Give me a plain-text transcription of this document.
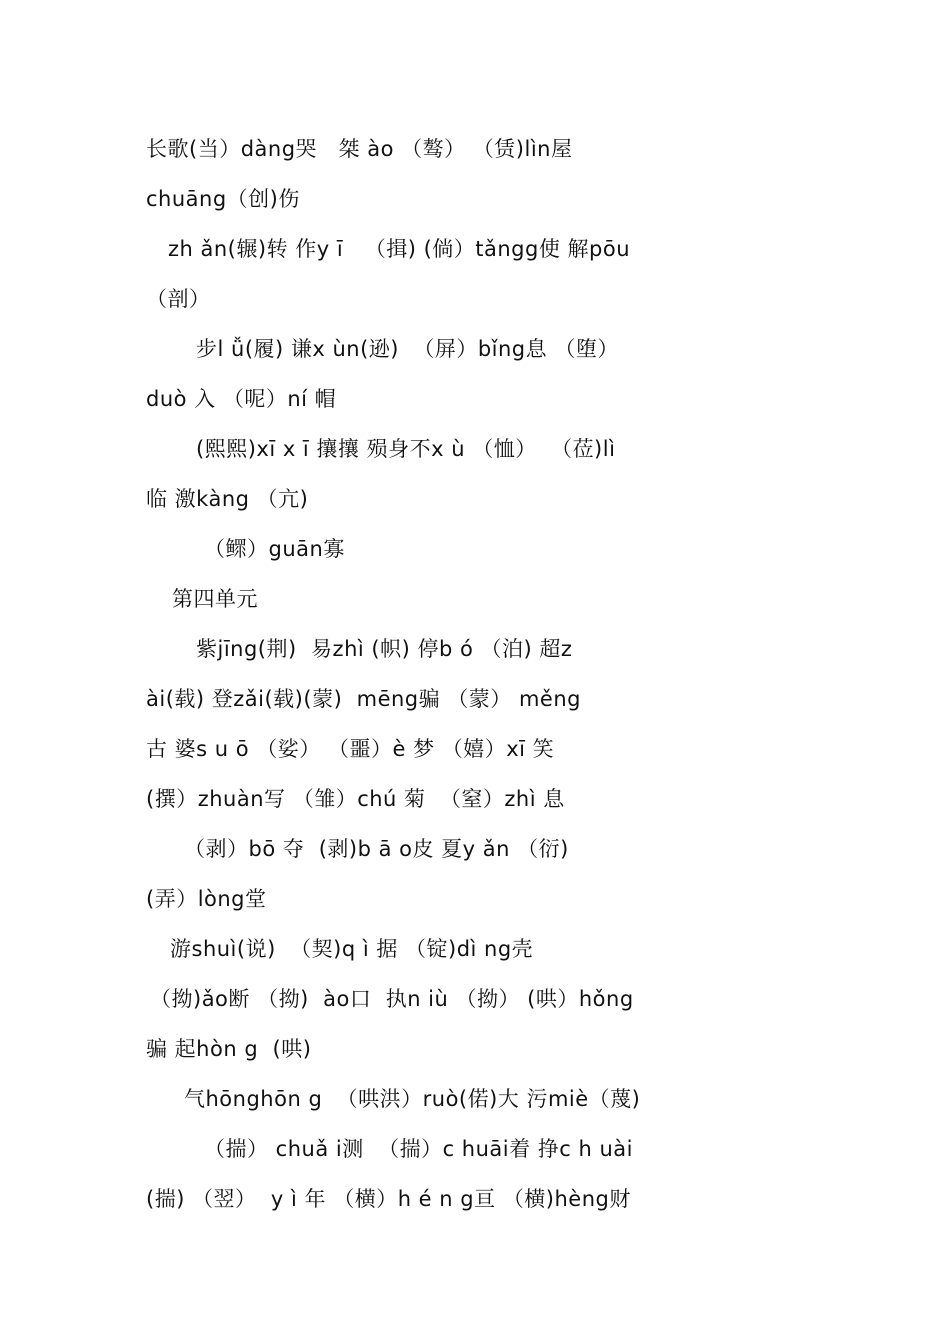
长歌(当）dàng哭   桀 ào （骜） （赁)lìn屋
chuāng（创)伤
zh ǎn(辗)转 作y ī   （揖) (倘）tǎngg使 解pōu
（剖）
步l ǚ(履) 谦x ùn(逊)  （屏）bǐng息 （堕）
duò 入 （呢）ní 帽
(熙熙)xī x ī 攘攘 殒身不x ù （恤）  （莅)lì
临 激kàng （亢)
（鳏）guān寡
第四单元
紫jīng(荆)  易zhì (帜) 停b ó （泊) 超z
ài(载) 登zǎi(载)(蒙)  mēng骗 （蒙） měng
古 婆s u ō （娑） （噩）è 梦 （嬉）xī 笑
(撰）zhuàn写 （雏）chú 菊  （窒）zhì 息
（剥）bō 夺  (剥)b ā o皮 夏y ǎn （衍)
(弄）lòng堂
游shuì(说)  （契)q ì 据 （锭)dì ng壳
（拗)ǎo断 （拗)  ào口  执n iù （拗） (哄）hǒng
骗 起hòn g  (哄)
气hōnghōn g  （哄洪）ruò(偌)大 污miè（蔑)
（揣） chuǎ i测  （揣）c huāi着 挣c h uài
(揣) （翌）  y ì 年 （横）h é n g亘 （横)hèng财
